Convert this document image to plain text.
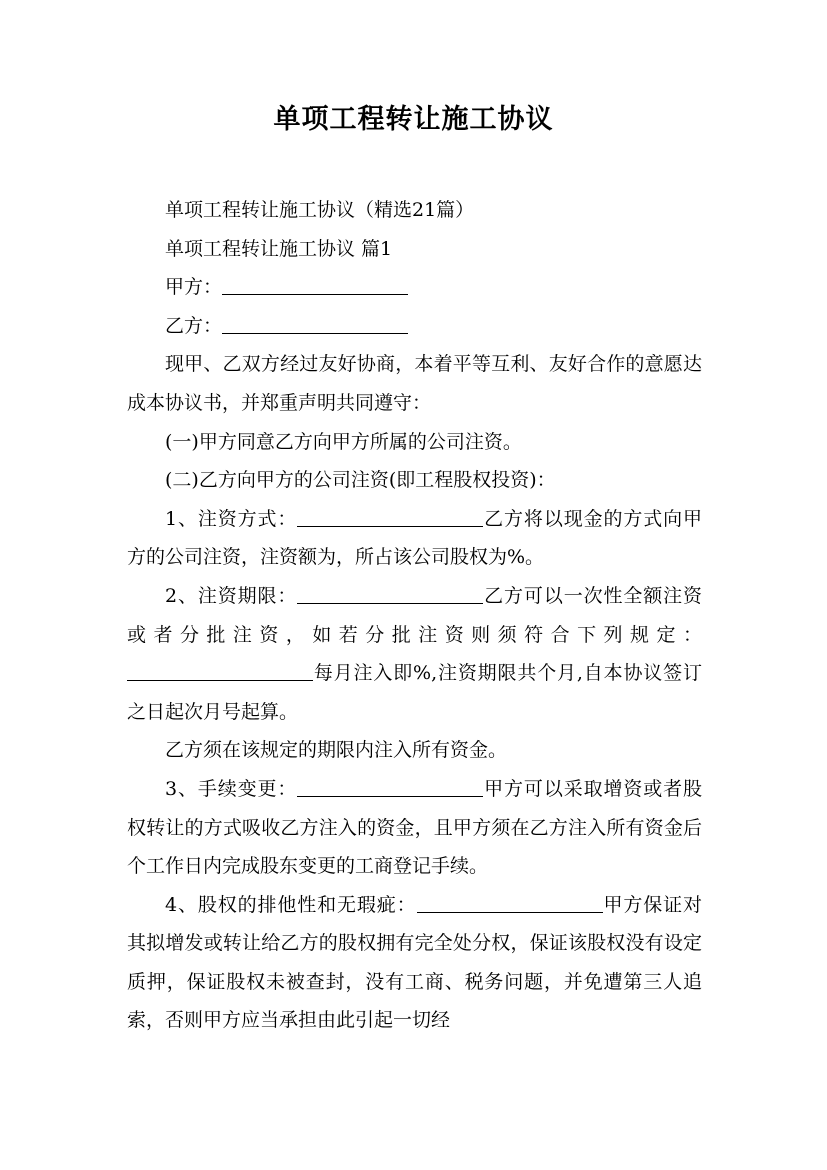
单项工程转让施工协议

单项工程转让施工协议（精选21篇）

单项工程转让施工协议 篇1

甲方：

乙方：

现甲、乙双方经过友好协商，本着平等互利、友好合作的意愿达成本协议书，并郑重声明共同遵守：

(一)甲方同意乙方向甲方所属的公司注资。

(二)乙方向甲方的公司注资(即工程股权投资)：

1、注资方式：	乙方将以现金的方式向甲方的公司注资，注资额为，所占该公司股权为%。

2、注资期限：	乙方可以一次性全额注资或者分批注资，如若分批注资则须符合下列规定：每月注入即%,注资期限共个月,自本协议签订之日起次月号起算。

乙方须在该规定的期限内注入所有资金。

3、手续变更：	甲方可以采取增资或者股权转让的方式吸收乙方注入的资金，且甲方须在乙方注入所有资金后个工作日内完成股东变更的工商登记手续。

4、股权的排他性和无瑕疵：	甲方保证对其拟增发或转让给乙方的股权拥有完全处分权，保证该股权没有设定质押，保证股权未被查封，没有工商、税务问题，并免遭第三人追索，否则甲方应当承担由此引起一切经
